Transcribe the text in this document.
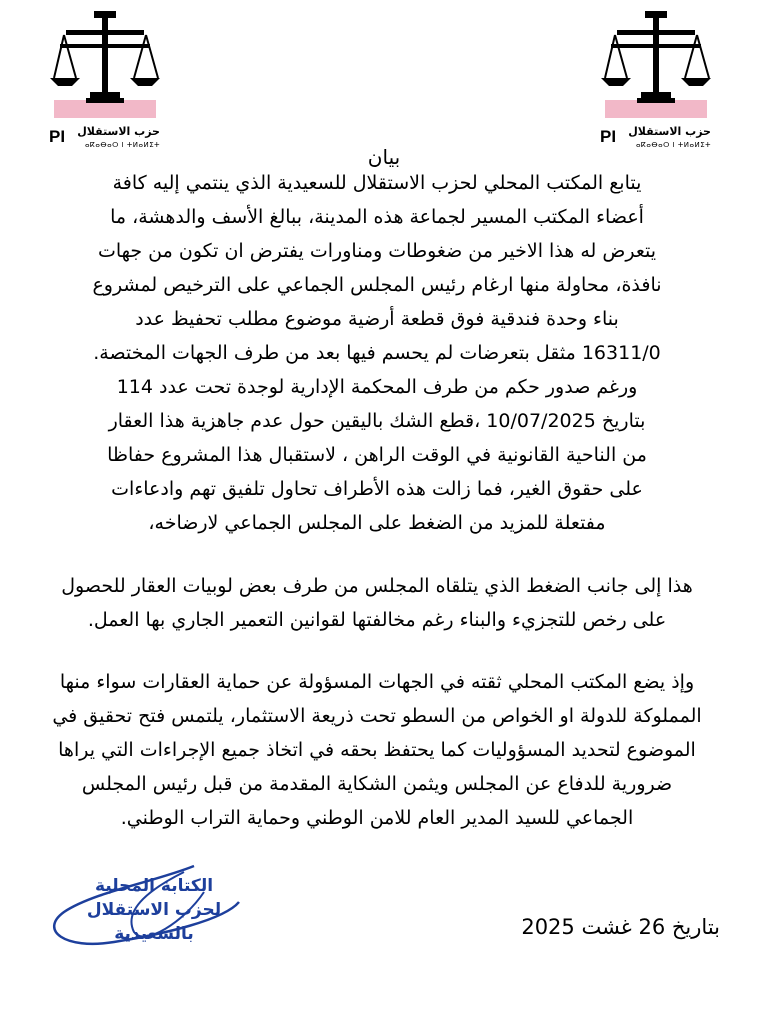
PI حزب الاستقلال
ⴰⴽⴰⴱⴰⵔ ⵏ ⵜⵍⴰⵍⵉⵜ
PI حزب الاستقلال
ⴰⴽⴰⴱⴰⵔ ⵏ ⵜⵍⴰⵍⵉⵜ	بيان
يتابع المكتب المحلي لحزب الاستقلال للسعيدية الذي ينتمي إليه كافة
أعضاء المكتب المسير لجماعة هذه المدينة، ببالغ الأسف والدهشة، ما
يتعرض له هذا الاخير من ضغوطات ومناورات يفترض ان تكون من جهات
نافذة، محاولة منها ارغام رئيس المجلس الجماعي على الترخيص لمشروع
بناء وحدة فندقية فوق قطعة أرضية موضوع مطلب تحفيظ عدد
16311/0 مثقل بتعرضات لم يحسم فيها بعد من طرف الجهات المختصة.
ورغم صدور حكم من طرف المحكمة الإدارية لوجدة تحت عدد 114
بتاريخ 10/07/2025 ،قطع الشك باليقين حول عدم جاهزية هذا العقار
من الناحية القانونية في الوقت الراهن ، لاستقبال هذا المشروع حفاظا
على حقوق الغير، فما زالت هذه الأطراف تحاول تلفيق تهم وادعاءات
مفتعلة للمزيد من الضغط على المجلس الجماعي لارضاخه،
هذا إلى جانب الضغط الذي يتلقاه المجلس من طرف بعض لوبيات العقار للحصول
على رخص للتجزيء والبناء رغم مخالفتها لقوانين التعمير الجاري بها العمل.
وإذ يضع المكتب المحلي ثقته في الجهات المسؤولة عن حماية العقارات سواء منها
المملوكة للدولة او الخواص من السطو تحت ذريعة الاستثمار، يلتمس فتح تحقيق في
الموضوع لتحديد المسؤوليات كما يحتفظ بحقه في اتخاذ جميع الإجراءات التي يراها
ضرورية للدفاع عن المجلس ويثمن الشكاية المقدمة من قبل رئيس المجلس
الجماعي للسيد المدير العام للامن الوطني وحماية التراب الوطني.
الكتابة المحلية
لحزب الاستقلال
بالسعيدية	بتاريخ 26 غشت 2025
